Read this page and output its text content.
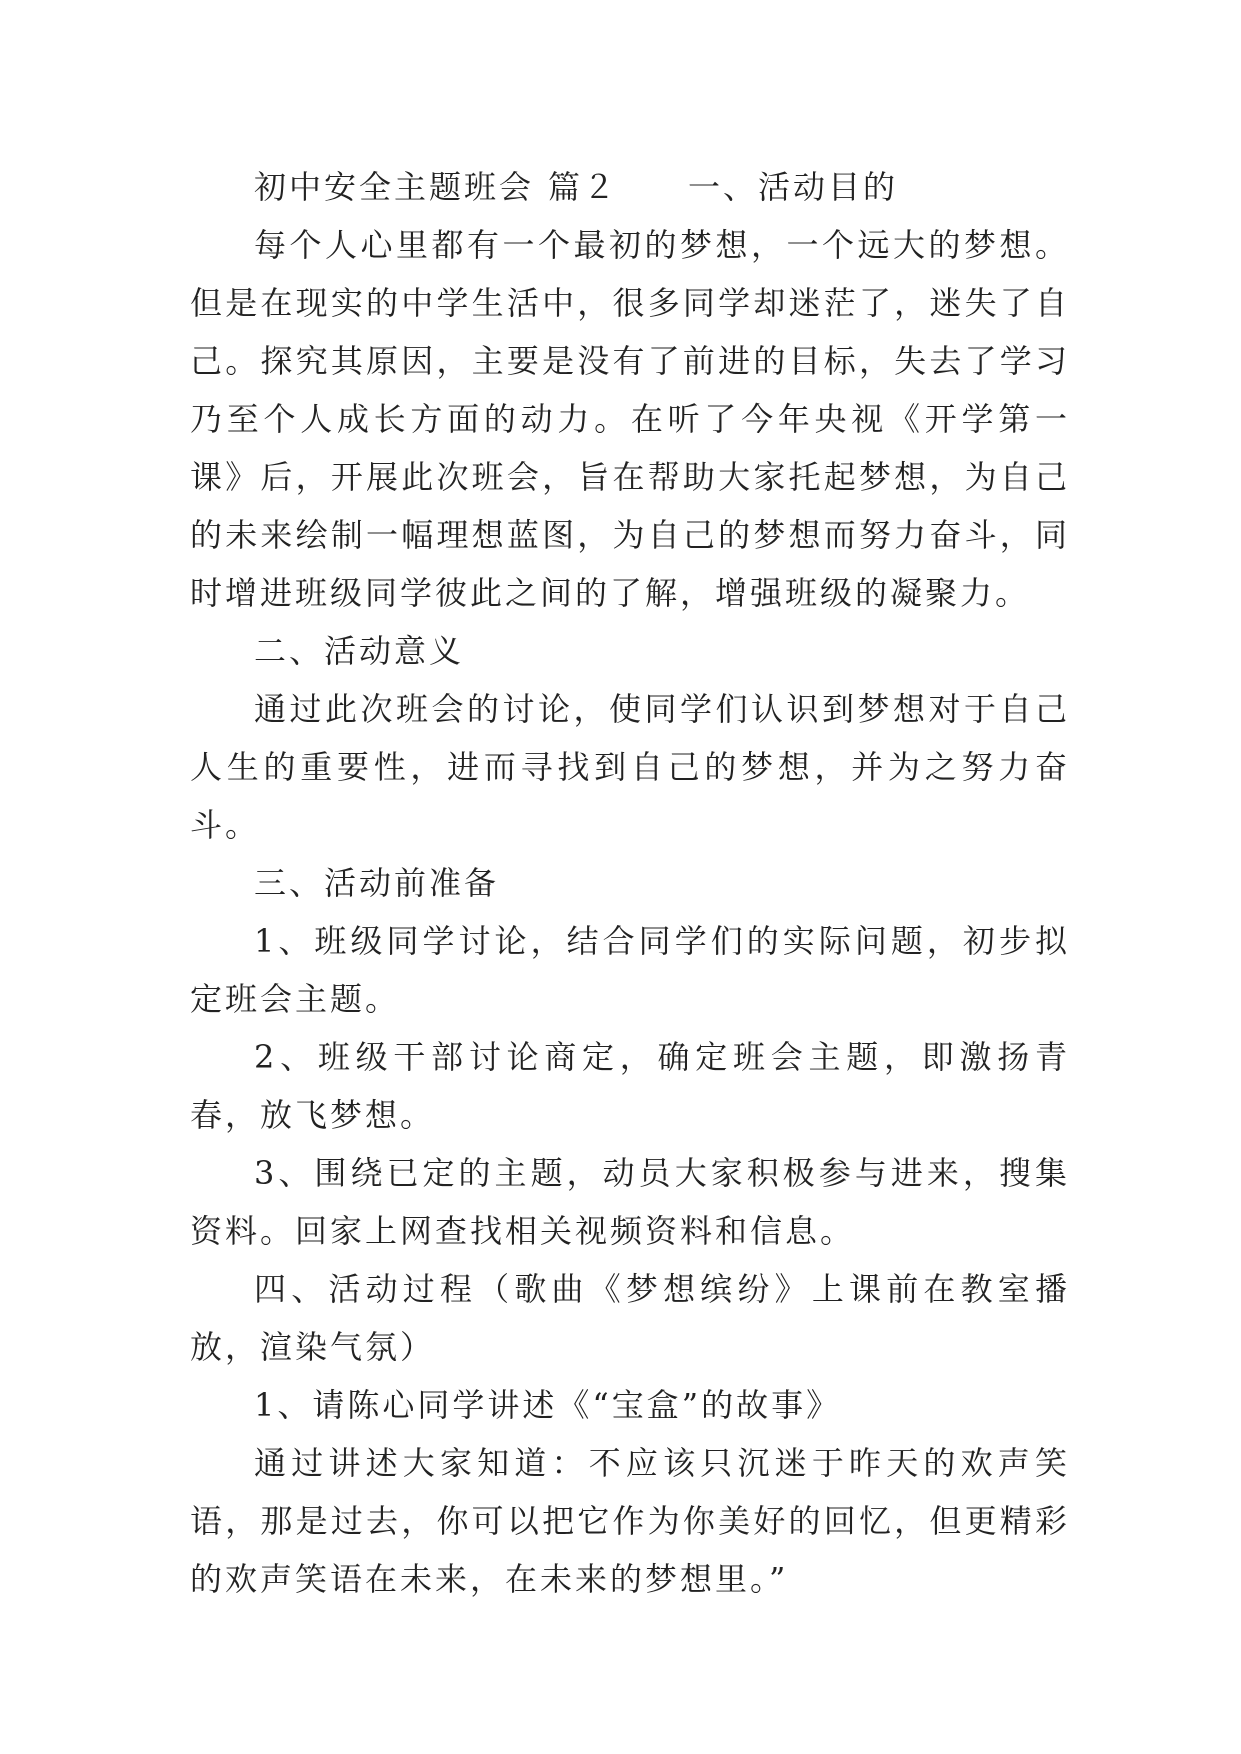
初中安全主题班会 篇２ 一、活动目的

每个人心里都有一个最初的梦想，一个远大的梦想。但是在现实的中学生活中，很多同学却迷茫了，迷失了自己。探究其原因，主要是没有了前进的目标，失去了学习乃至个人成长方面的动力。在听了今年央视《开学第一课》后，开展此次班会，旨在帮助大家托起梦想，为自己的未来绘制一幅理想蓝图，为自己的梦想而努力奋斗，同时增进班级同学彼此之间的了解，增强班级的凝聚力。

二、活动意义

通过此次班会的讨论，使同学们认识到梦想对于自己人生的重要性，进而寻找到自己的梦想，并为之努力奋斗。

三、活动前准备

1、班级同学讨论，结合同学们的实际问题，初步拟定班会主题。

2、班级干部讨论商定，确定班会主题，即激扬青春，放飞梦想。

3、围绕已定的主题，动员大家积极参与进来，搜集资料。回家上网查找相关视频资料和信息。

四、活动过程（歌曲《梦想缤纷》上课前在教室播放，渲染气氛）

1、请陈心同学讲述《“宝盒”的故事》

通过讲述大家知道：不应该只沉迷于昨天的欢声笑语，那是过去，你可以把它作为你美好的回忆，但更精彩的欢声笑语在未来，在未来的梦想里。”
